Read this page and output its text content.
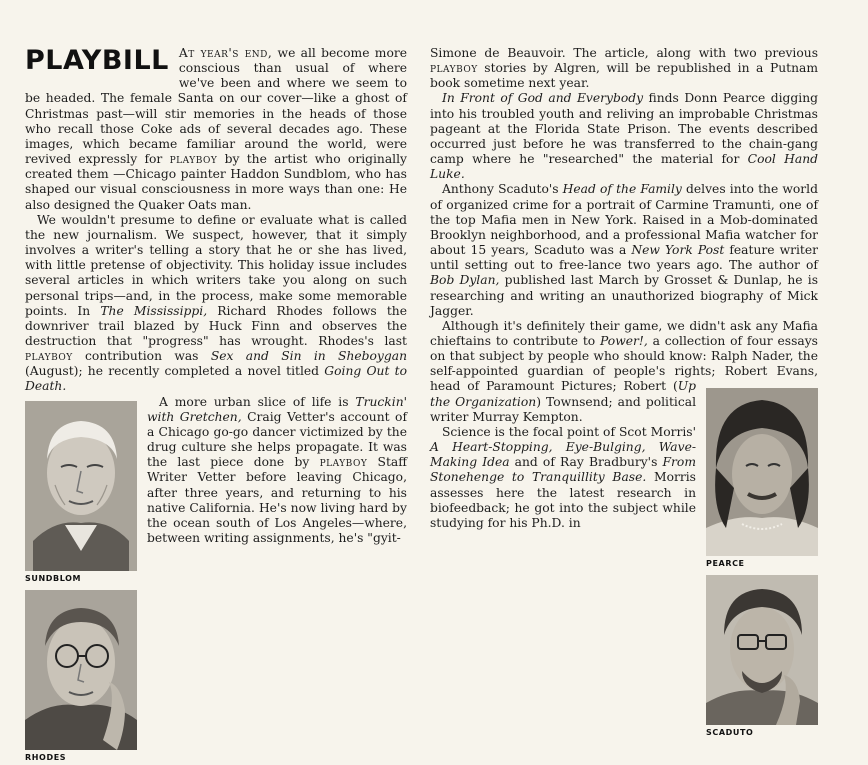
PLAYBILL At year's end, we all become more conscious than usual of where we've been and where we seem to be headed. The female Santa on our cover—like a ghost of Christmas past—will stir memories in the heads of those who recall those Coke ads of several decades ago. These images, which became familiar around the world, were revived expressly for playboy by the artist who originally created them —Chicago painter Haddon Sundblom, who has shaped our visual consciousness in more ways than one: He also designed the Quaker Oats man.

SUNDBLOM
RHODES

We wouldn't presume to define or evaluate what is called the new journalism. We suspect, however, that it simply involves a writer's telling a story that he or she has lived, with little pretense of objectivity. This holiday issue includes several articles in which writers take you along on such personal trips—and, in the process, make some memorable points. In The Mississippi, Richard Rhodes follows the downriver trail blazed by Huck Finn and observes the destruction that "progress" has wrought. Rhodes's last playboy contribution was Sex and Sin in Sheboygan (August); he recently completed a novel titled Going Out to Death.

A more urban slice of life is Truckin' with Gretchen, Craig Vetter's account of a Chicago go-go dancer victimized by the drug culture she helps propagate. It was the last piece done by playboy Staff Writer Vetter before leaving Chicago, after three years, and returning to his native California. He's now living hard by the ocean south of Los Angeles—where, between writing assignments, he's "gyit-

Simone de Beauvoir. The article, along with two previous playboy stories by Algren, will be republished in a Putnam book sometime next year.

In Front of God and Everybody finds Donn Pearce digging into his troubled youth and reliving an improbable Christmas pageant at the Florida State Prison. The events described occurred just before he was transferred to the chain-gang camp where he "researched" the material for Cool Hand Luke.

PEARCE
SCADUTO

Anthony Scaduto's Head of the Family delves into the world of organized crime for a portrait of Carmine Tramunti, one of the top Mafia men in New York. Raised in a Mob-dominated Brooklyn neighborhood, and a professional Mafia watcher for about 15 years, Scaduto was a New York Post feature writer until setting out to free-lance two years ago. The author of Bob Dylan, published last March by Grosset & Dunlap, he is researching and writing an unauthorized biography of Mick Jagger.

Although it's definitely their game, we didn't ask any Mafia chieftains to contribute to Power!, a collection of four essays on that subject by people who should know: Ralph Nader, the self-appointed guardian of people's rights; Robert Evans, head of Paramount Pictures; Robert (Up the Organization) Townsend; and political writer Murray Kempton.

Science is the focal point of Scot Morris' A Heart-Stopping, Eye-Bulging, Wave-Making Idea and of Ray Bradbury's From Stonehenge to Tranquillity Base. Morris assesses here the latest research in biofeedback; he got into the subject while studying for his Ph.D. in
